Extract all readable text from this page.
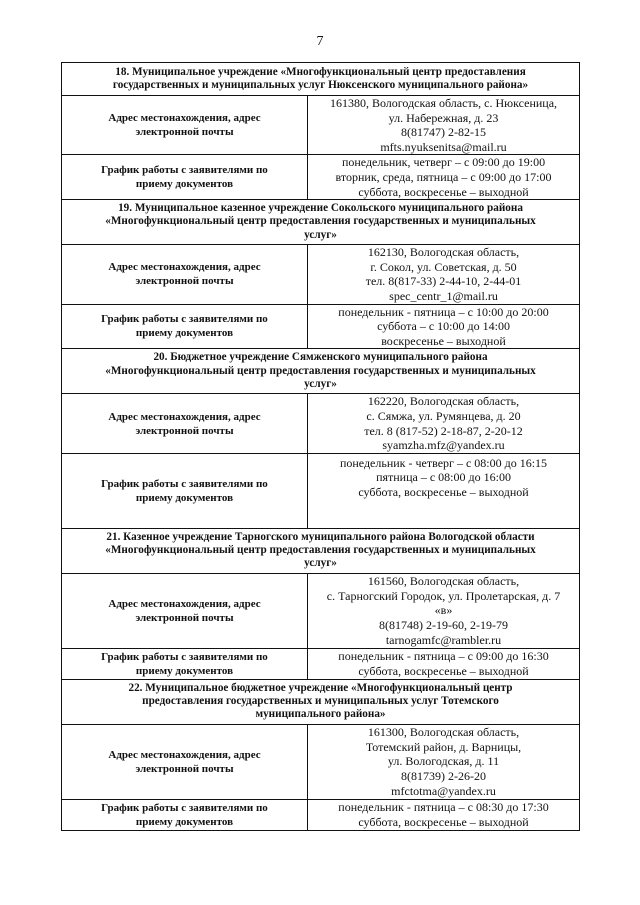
7
18. Муниципальное учреждение «Многофункциональный центр предоставления
государственных и муниципальных услуг Нюксенского муниципального района»	

Адрес местонахождения, адрес
электронной почты	161380, Вологодская область, с. Нюксеница,
ул. Набережная, д. 23
8(81747) 2-82-15
mfts.nyuksenitsa@mail.ru

График работы с заявителями по
приему документов	понедельник, четверг – с 09:00 до 19:00
вторник, среда, пятница – с 09:00 до 17:00
суббота, воскресенье – выходной

19. Муниципальное казенное учреждение Сокольского муниципального района
«Многофункциональный центр предоставления государственных и муниципальных
услуг»	

Адрес местонахождения, адрес
электронной почты	162130, Вологодская область,
г. Сокол, ул. Советская, д. 50
тел. 8(817-33) 2-44-10, 2-44-01
spec_centr_1@mail.ru

График работы с заявителями по
приему документов	понедельник - пятница – с 10:00 до 20:00
суббота – с 10:00 до 14:00
воскресенье – выходной

20. Бюджетное учреждение Сямженского муниципального района
«Многофункциональный центр предоставления государственных и муниципальных
услуг»	

Адрес местонахождения, адрес
электронной почты	162220, Вологодская область,
с. Сямжа, ул. Румянцева, д. 20
тел. 8 (817-52) 2-18-87, 2-20-12
syamzha.mfz@yandex.ru

График работы с заявителями по
приему документов	понедельник - четверг – с 08:00 до 16:15
пятница – с 08:00 до 16:00
суббота, воскресенье – выходной

21. Казенное учреждение Тарногского муниципального района Вологодской области
«Многофункциональный центр предоставления государственных и муниципальных
услуг»	

Адрес местонахождения, адрес
электронной почты	161560, Вологодская область,
с. Тарногский Городок, ул. Пролетарская, д. 7
«в»
8(81748) 2-19-60, 2-19-79
tarnogamfc@rambler.ru

График работы с заявителями по
приему документов	понедельник - пятница – с 09:00 до 16:30
суббота, воскресенье – выходной

22. Муниципальное бюджетное учреждение «Многофункциональный центр
предоставления государственных и муниципальных услуг Тотемского
муниципального района»	

Адрес местонахождения, адрес
электронной почты	161300, Вологодская область,
Тотемский район, д. Варницы,
ул. Вологодская, д. 11
8(81739) 2-26-20
mfctotma@yandex.ru

График работы с заявителями по
приему документов	понедельник - пятница – с 08:30 до 17:30
суббота, воскресенье – выходной
